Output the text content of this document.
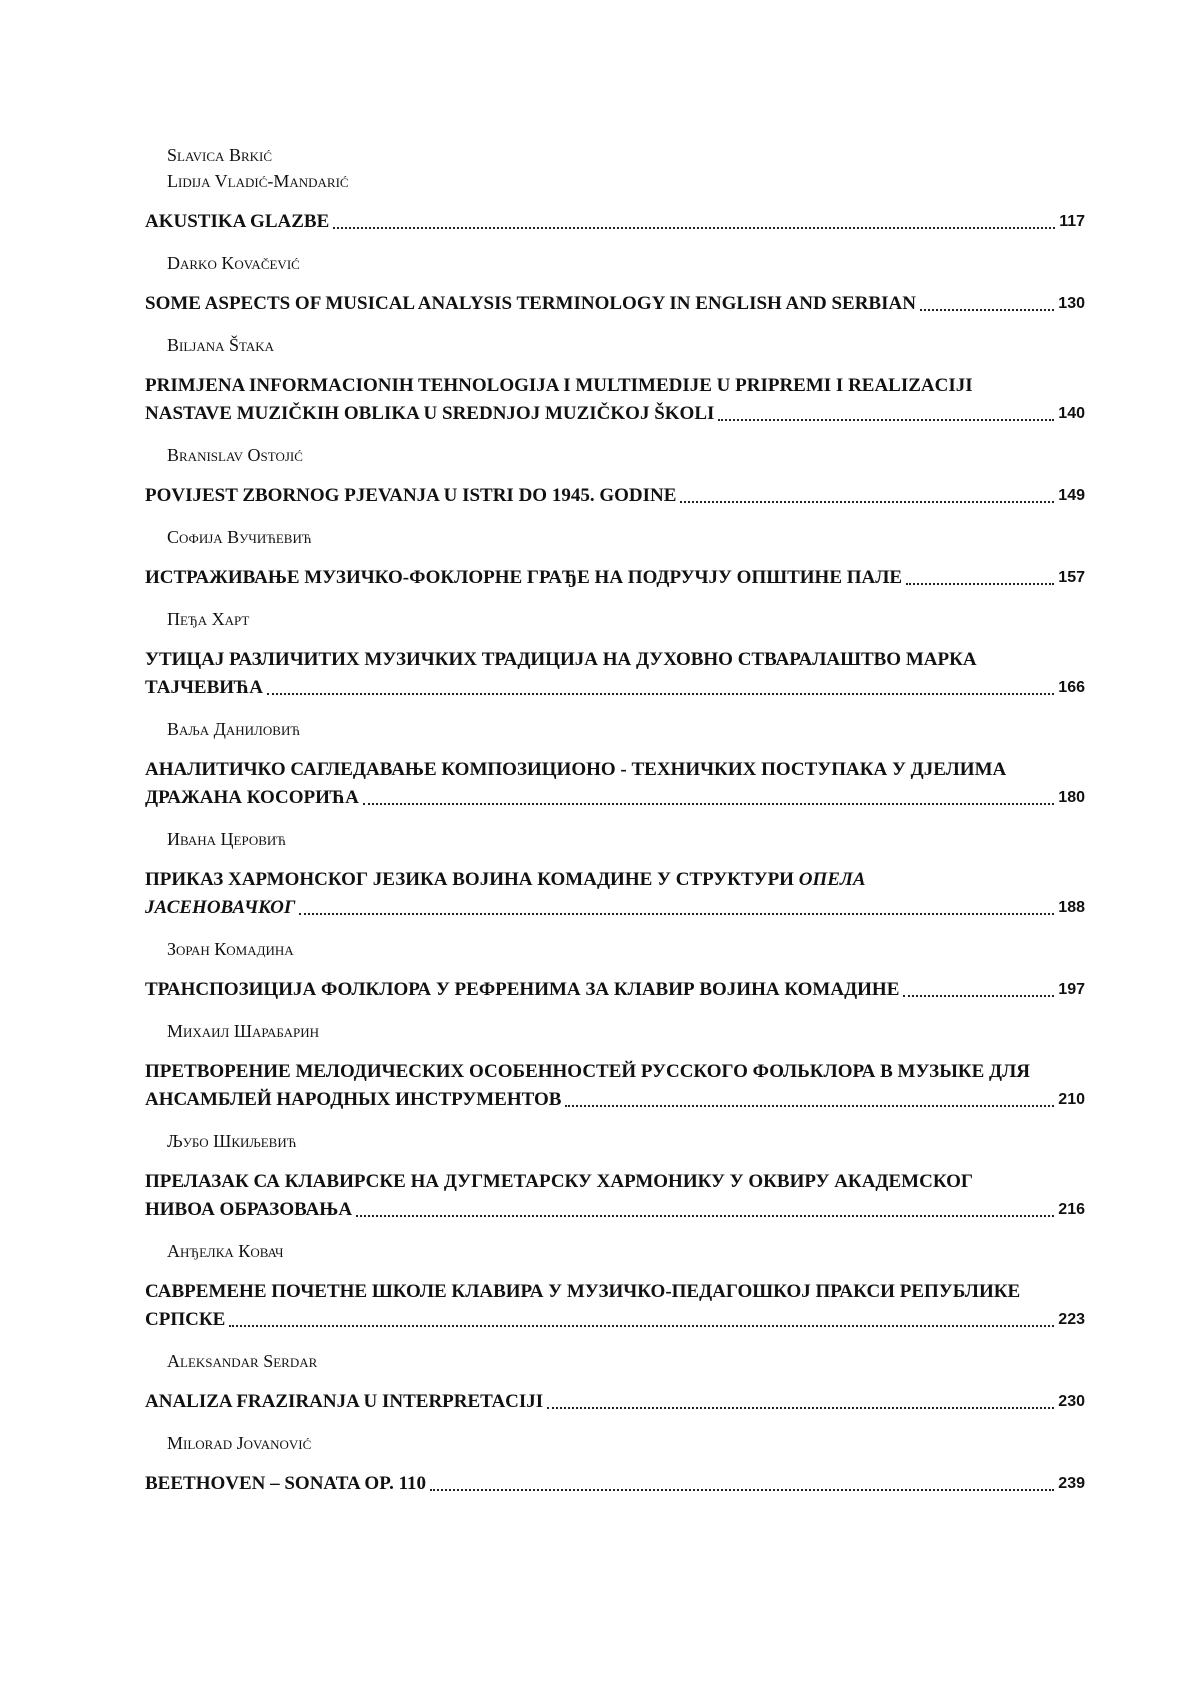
Slavica Brkić
Lidija Vladić-Mandarić
AKUSTIKA GLAZBE	117
Darko Kovačević
SOME ASPECTS OF MUSICAL ANALYSIS TERMINOLOGY IN ENGLISH AND SERBIAN	130
Biljana Štaka
PRIMJENA INFORMACIONIH TEHNOLOGIJA I MULTIMEDIJE U PRIPREMI I REALIZACIJI
NASTAVE MUZIČKIH OBLIKA U SREDNJOJ MUZIČKOJ ŠKOLI	140
Branislav Ostojić
POVIJEST ZBORNOG PJEVANJA U ISTRI DO 1945. GODINE	149
Софија Вучићевић
ИСТРАЖИВАЊЕ МУЗИЧКО-ФОКЛОРНЕ ГРАЂЕ НА ПОДРУЧЈУ ОПШТИНЕ ПАЛЕ	157
Пеђа Харт
УТИЦАЈ РАЗЛИЧИТИХ МУЗИЧКИХ ТРАДИЦИЈА НА ДУХОВНО СТВАРАЛАШТВО МАРКА
ТАЈЧЕВИЋА	166
Ваља Даниловић
АНАЛИТИЧКО САГЛЕДАВАЊЕ КОМПОЗИЦИОНО - ТЕХНИЧКИХ ПОСТУПАКА У ДЈЕЛИМА
ДРАЖАНА КОСОРИЋА	180
Ивана Церовић
ПРИКАЗ ХАРМОНСКОГ ЈЕЗИКА ВОЈИНА КОМАДИНЕ У СТРУКТУРИ ОПЕЛА
ЈАСЕНОВАЧКОГ	188
Зоран Комадина
ТРАНСПОЗИЦИЈА ФОЛКЛОРА У РЕФРЕНИМА ЗА КЛАВИР ВОЈИНА КОМАДИНЕ	197
Михаил Шарабарин
ПРЕТВОРЕНИЕ МЕЛОДИЧЕСКИХ ОСОБЕННОСТЕЙ РУССКОГО ФОЛЬКЛОРА В МУЗЫКЕ ДЛЯ
АНСАМБЛЕЙ НАРОДНЫХ ИНСТРУМЕНТОВ	210
Љубо Шкиљевић
ПРЕЛАЗАК СА КЛАВИРСКЕ НА ДУГМЕТАРСКУ ХАРМОНИКУ У ОКВИРУ АКАДЕМСКОГ
НИВОА ОБРАЗОВАЊА	216
Анђелка Ковач
САВРЕМЕНЕ ПОЧЕТНЕ ШКОЛЕ КЛАВИРА У МУЗИЧКО-ПЕДАГОШКОЈ ПРАКСИ РЕПУБЛИКЕ
СРПСКЕ	223
Aleksandar Serdar
ANALIZA FRAZIRANJA U INTERPRETACIJI	230
Milorad Jovanović
BEETHOVEN – SONATA OP. 110	239
